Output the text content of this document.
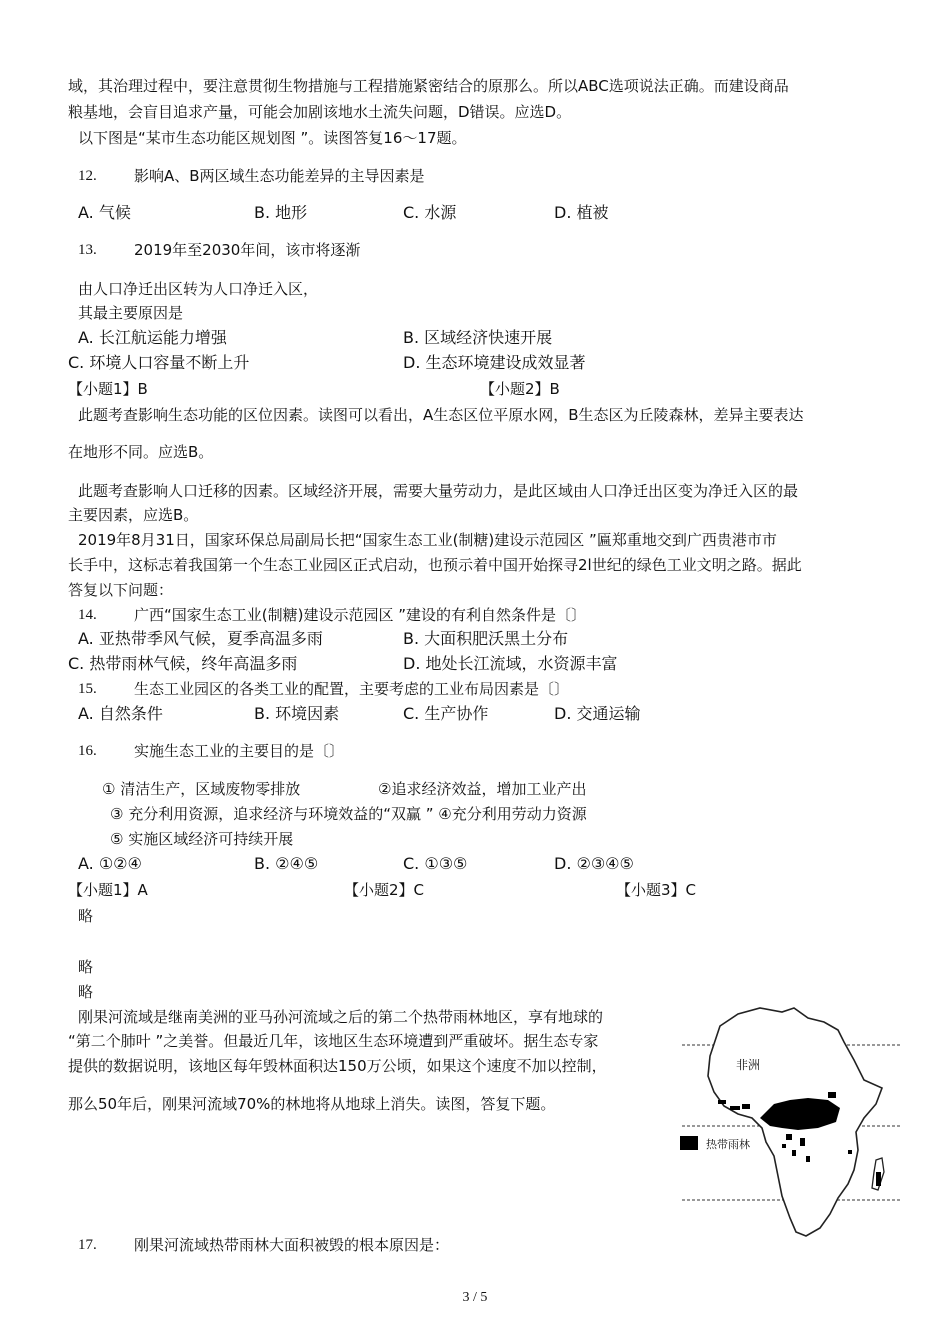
域，其治理过程中，要注意贯彻生物措施与工程措施紧密结合的原那么。所以ABC选项说法正确。而建设商品

粮基地，会盲目追求产量，可能会加剧该地水土流失问题，D错误。应选D。

以下图是“某市生态功能区规划图 ”。读图答复16～17题。

12. 影响A、B两区域生态功能差异的主导因素是

A. 气候	B. 地形	C. 水源	D. 植被

13. 2019年至2030年间，该市将逐渐

由人口净迁出区转为人口净迁入区，

其最主要原因是

A. 长江航运能力增强	B. 区域经济快速开展

C. 环境人口容量不断上升	D. 生态环境建设成效显著

【小题1】B	【小题2】B

此题考查影响生态功能的区位因素。读图可以看出，A生态区位平原水网，B生态区为丘陵森林，差异主要表达

在地形不同。应选B。

此题考查影响人口迁移的因素。区域经济开展，需要大量劳动力，是此区域由人口净迁出区变为净迁入区的最

主要因素，应选B。

2019年8月31日，国家环保总局副局长把“国家生态工业(制糖)建设示范园区 ”匾郑重地交到广西贵港市市

长手中，这标志着我国第一个生态工业园区正式启动，也预示着中国开始探寻2l世纪的绿色工业文明之路。据此

答复以下问题：

14. 广西“国家生态工业(制糖)建设示范园区 ”建设的有利自然条件是〔〕

A. 亚热带季风气候，夏季高温多雨	B. 大面积肥沃黑土分布

C. 热带雨林气候，终年高温多雨	D. 地处长江流域，水资源丰富

15. 生态工业园区的各类工业的配置，主要考虑的工业布局因素是〔〕

A. 自然条件	B. 环境因素	C. 生产协作	D. 交通运输

16. 实施生态工业的主要目的是〔〕

① 清洁生产，区域废物零排放	②追求经济效益，增加工业产出

③ 充分利用资源，追求经济与环境效益的“双赢 ” ④充分利用劳动力资源

⑤ 实施区域经济可持续开展

A. ①②④	B. ②④⑤	C. ①③⑤	D. ②③④⑤

【小题1】A	【小题2】C	【小题3】C

略

略

略

刚果河流域是继南美洲的亚马孙河流域之后的第二个热带雨林地区，享有地球的

“第二个肺叶 ”之美誉。但最近几年，该地区生态环境遭到严重破坏。据生态专家

提供的数据说明，该地区每年毁林面积达150万公顷，如果这个速度不加以控制，

那么50年后，刚果河流域70%的林地将从地球上消失。读图，答复下题。

非洲
热带雨林

17. 刚果河流域热带雨林大面积被毁的根本原因是：

3 / 5
